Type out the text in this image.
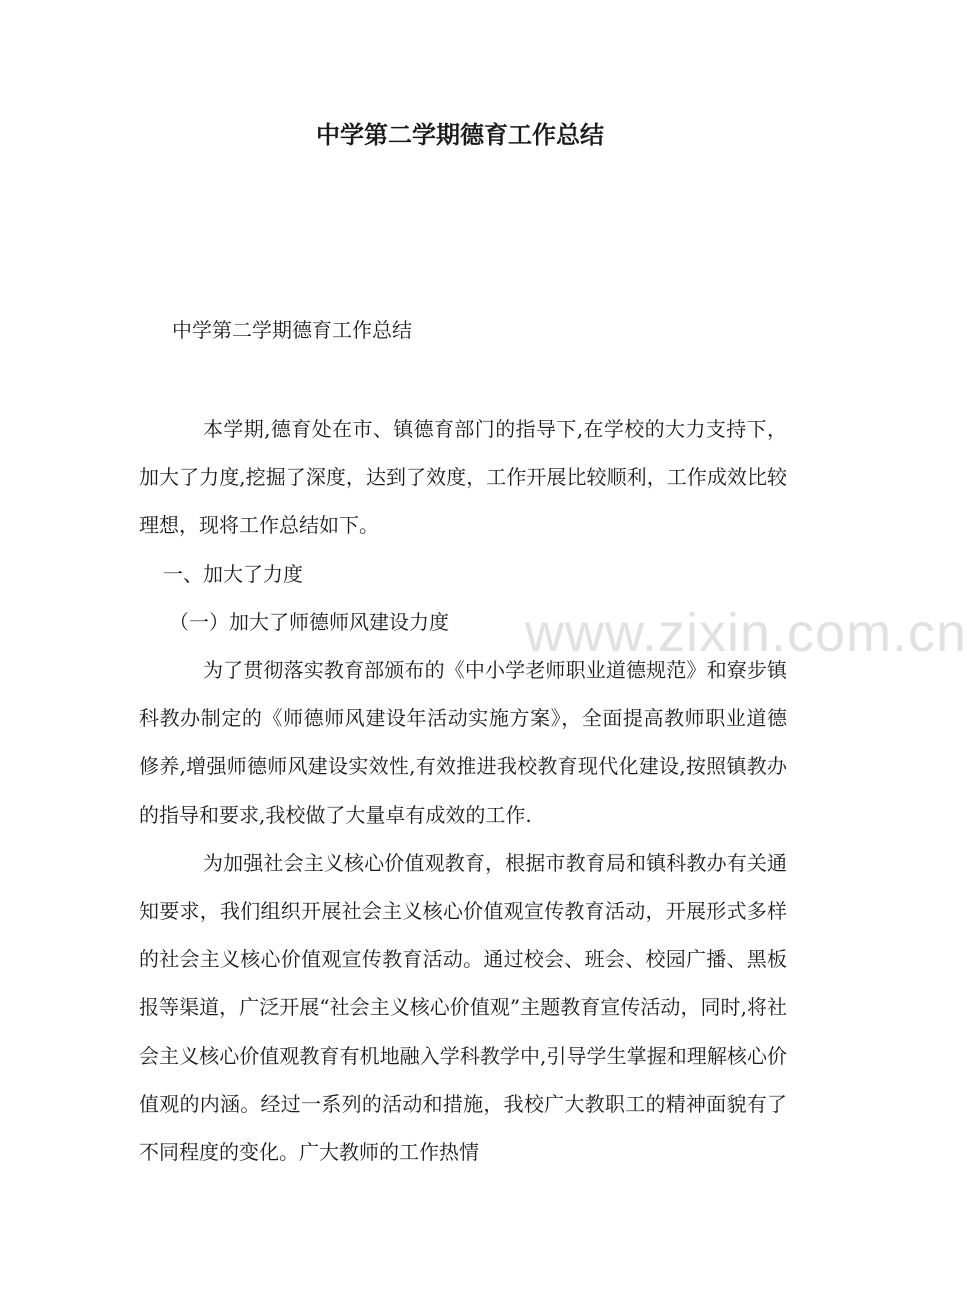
中学第二学期德育工作总结

中学第二学期德育工作总结

本学期,德育处在市、镇德育部门的指导下,在学校的大力支持下，加大了力度,挖掘了深度，达到了效度，工作开展比较顺利，工作成效比较理想，现将工作总结如下。

一、加大了力度

（一）加大了师德师风建设力度

为了贯彻落实教育部颁布的《中小学老师职业道德规范》和寮步镇科教办制定的《师德师风建设年活动实施方案》，全面提高教师职业道德修养,增强师德师风建设实效性,有效推进我校教育现代化建设,按照镇教办的指导和要求,我校做了大量卓有成效的工作.

为加强社会主义核心价值观教育，根据市教育局和镇科教办有关通知要求，我们组织开展社会主义核心价值观宣传教育活动，开展形式多样的社会主义核心价值观宣传教育活动。通过校会、班会、校园广播、黑板报等渠道，广泛开展“社会主义核心价值观”主题教育宣传活动，同时,将社会主义核心价值观教育有机地融入学科教学中,引导学生掌握和理解核心价值观的内涵。经过一系列的活动和措施，我校广大教职工的精神面貌有了不同程度的变化。广大教师的工作热情

www.zixin.com.cn
